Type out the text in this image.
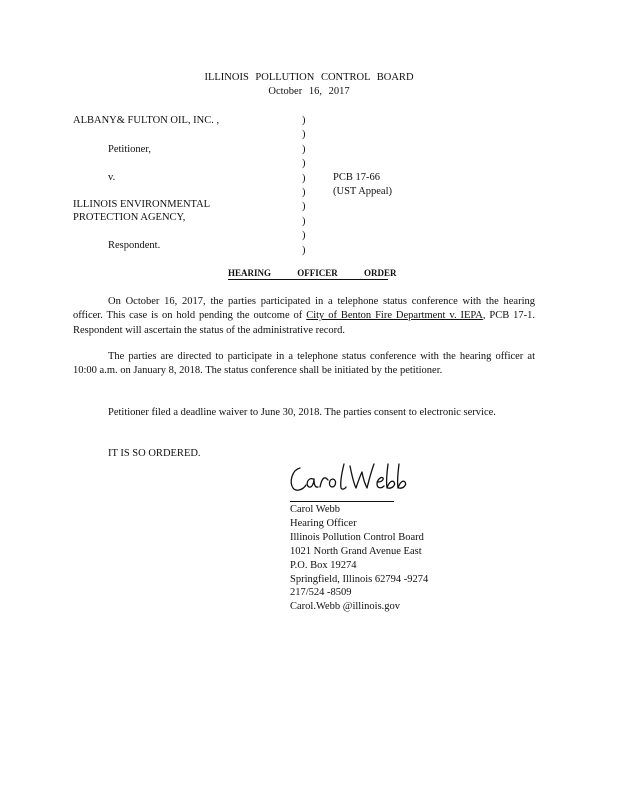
ILLINOIS POLLUTION CONTROL BOARD
October 16, 2017
ALBANY& FULTON OIL, INC. ,
Petitioner,
v.
ILLINOIS ENVIRONMENTAL
PROTECTION AGENCY,
Respondent.
)
)
)
)
)
)
)
)
)
)
PCB 17-66
(UST Appeal)
HEARING OFFICER ORDER
On October 16, 2017, the parties participated in a telephone status conference with the hearing officer. This case is on hold pending the outcome of City of Benton Fire Department v. IEPA, PCB 17-1. Respondent will ascertain the status of the administrative record.
The parties are directed to participate in a telephone status conference with the hearing officer at 10:00 a.m. on January 8, 2018. The status conference shall be initiated by the petitioner.
Petitioner filed a deadline waiver to June 30, 2018. The parties consent to electronic service.
IT IS SO ORDERED.
Carol Webb
Hearing Officer
Illinois Pollution Control Board
1021 North Grand Avenue East
P.O. Box 19274
Springfield, Illinois 62794 -9274
217/524 -8509
Carol.Webb @illinois.gov
